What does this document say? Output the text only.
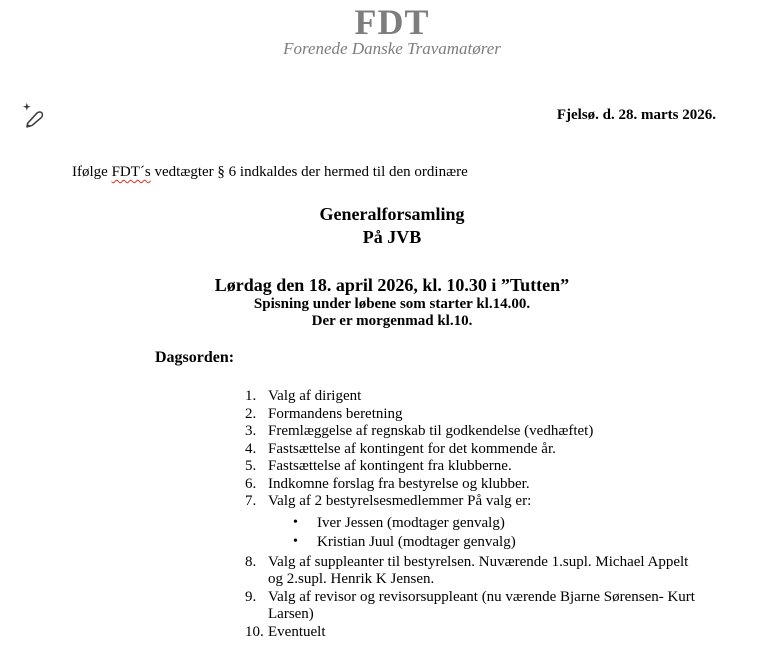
FDT
Forenede Danske Travamatører
Fjelsø. d. 28. marts 2026.
Ifølge FDT´s vedtægter § 6 indkaldes der hermed til den ordinære
Generalforsamling
På JVB
Lørdag den 18. april 2026, kl. 10.30 i ”Tutten”
Spisning under løbene som starter kl.14.00.
Der er morgenmad kl.10.
Dagsorden:
1. Valg af dirigent
2. Formandens beretning
3. Fremlæggelse af regnskab til godkendelse (vedhæftet)
4. Fastsættelse af kontingent for det kommende år.
5. Fastsættelse af kontingent fra klubberne.
6. Indkomne forslag fra bestyrelse og klubber.
7. Valg af 2 bestyrelsesmedlemmer På valg er:
• Iver Jessen (modtager genvalg)
• Kristian Juul (modtager genvalg)
8. Valg af suppleanter til bestyrelsen. Nuværende 1.supl. Michael Appelt og 2.supl. Henrik K Jensen.
9. Valg af revisor og revisorsuppleant (nu værende Bjarne Sørensen- Kurt Larsen)
10. Eventuelt
